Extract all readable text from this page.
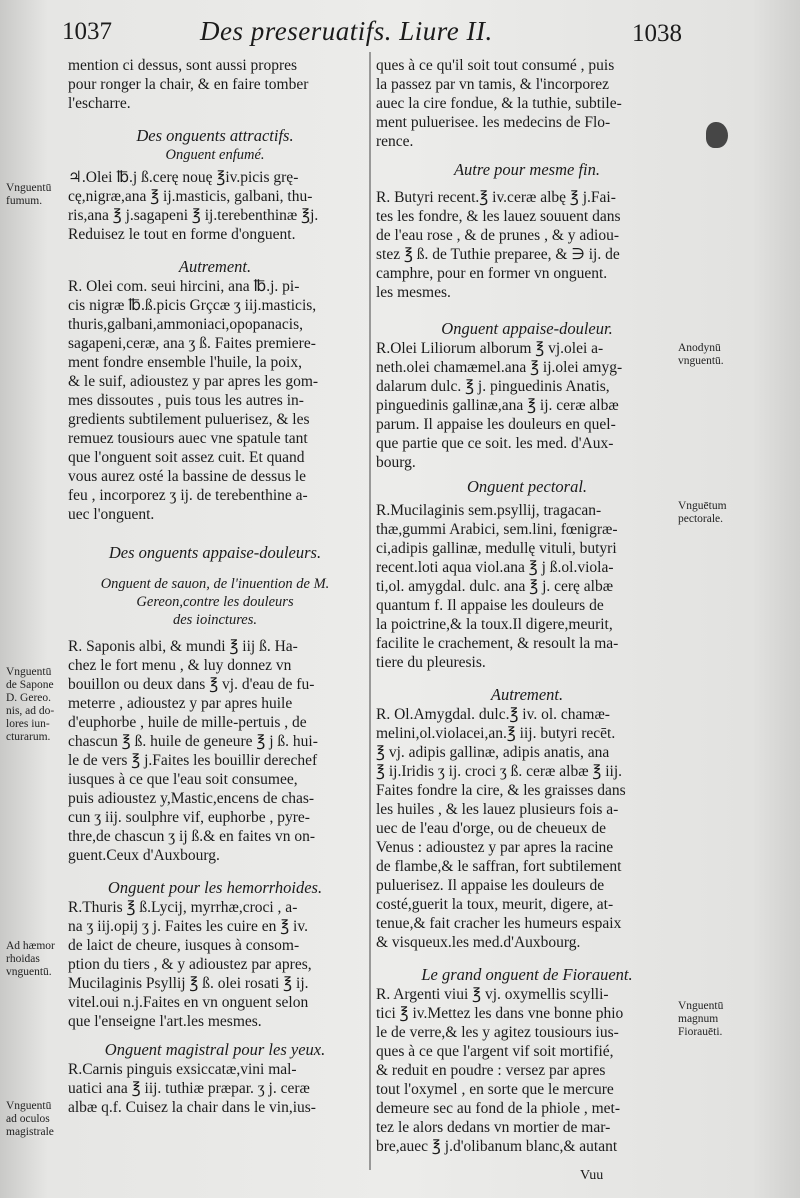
1037	Des preseruatifs. Liure II.	1038
mention ci dessus, sont aussi propres
pour ronger la chair, & en faire tomber
l'escharre.
Des onguents attractifs.
Onguent enfumé.
♃.Olei ℔.j ß.cerę nouę ℥iv.picis grę-
cę,nigræ,ana ℥ ij.masticis, galbani, thu-
ris,ana ℥ j.sagapeni ℥ ij.terebenthinæ ℥j.
Reduisez le tout en forme d'onguent.
Autrement.
R. Olei com. seui hircini, ana ℔.j. pi-
cis nigræ ℔.ß.picis Grçcæ ʒ iij.masticis,
thuris,galbani,ammoniaci,opopanacis,
sagapeni,ceræ, ana ʒ ß. Faites premiere-
ment fondre ensemble l'huile, la poix,
& le suif, adioustez y par apres les gom-
mes dissoutes , puis tous les autres in-
gredients subtilement puluerisez, & les
remuez tousiours auec vne spatule tant
que l'onguent soit assez cuit. Et quand
vous aurez osté la bassine de dessus le
feu , incorporez ʒ ij. de terebenthine a-
uec l'onguent.
Des onguents appaise-douleurs.
Onguent de sauon, de l'inuention de M.
Gereon,contre les douleurs
des ioinctures.
R. Saponis albi, & mundi ℥ iij ß. Ha-
chez le fort menu , & luy donnez vn
bouillon ou deux dans ℥ vj. d'eau de fu-
meterre , adioustez y par apres huile
d'euphorbe , huile de mille-pertuis , de
chascun ℥ ß. huile de geneure ℥ j ß. hui-
le de vers ℥ j.Faites les bouillir derechef
iusques à ce que l'eau soit consumee,
puis adioustez y,Mastic,encens de chas-
cun ʒ iij. soulphre vif, euphorbe , pyre-
thre,de chascun ʒ ij ß.& en faites vn on-
guent.Ceux d'Auxbourg.
Onguent pour les hemorrhoides.
R.Thuris ℥ ß.Lycij, myrrhæ,croci , a-
na ʒ iij.opij ʒ j. Faites les cuire en ℥ iv.
de laict de cheure, iusques à consom-
ption du tiers , & y adioustez par apres,
Mucilaginis Psyllij ℥ ß. olei rosati ℥ ij.
vitel.oui n.j.Faites en vn onguent selon
que l'enseigne l'art.les mesmes.
Onguent magistral pour les yeux.
R.Carnis pinguis exsiccatæ,vini mal-
uatici ana ℥ iij. tuthiæ præpar. ʒ j. ceræ
albæ q.f. Cuisez la chair dans le vin,ius-
ques à ce qu'il soit tout consumé , puis
la passez par vn tamis, & l'incorporez
auec la cire fondue, & la tuthie, subtile-
ment puluerisee. les medecins de Flo-
rence.
Autre pour mesme fin.
R. Butyri recent.℥ iv.ceræ albę ℥ j.Fai-
tes les fondre, & les lauez souuent dans
de l'eau rose , & de prunes , & y adiou-
stez ℥ ß. de Tuthie preparee, & ∋ ij. de
camphre, pour en former vn onguent.
les mesmes.
Onguent appaise-douleur.
R.Olei Liliorum alborum ℥ vj.olei a-
neth.olei chamæmel.ana ℥ ij.olei amyg-
dalarum dulc. ℥ j. pinguedinis Anatis,
pinguedinis gallinæ,ana ℥ ij. ceræ albæ
parum. Il appaise les douleurs en quel-
que partie que ce soit. les med. d'Aux-
bourg.
Onguent pectoral.
R.Mucilaginis sem.psyllij, tragacan-
thæ,gummi Arabici, sem.lini, fœnigræ-
ci,adipis gallinæ, medullę vituli, butyri
recent.loti aqua viol.ana ℥ j ß.ol.viola-
ti,ol. amygdal. dulc. ana ℥ j. cerę albæ
quantum f. Il appaise les douleurs de
la poictrine,& la toux.Il digere,meurit,
facilite le crachement, & resoult la ma-
tiere du pleuresis.
Autrement.
R. Ol.Amygdal. dulc.℥ iv. ol. chamæ-
melini,ol.violacei,an.℥ iij. butyri recēt.
℥ vj. adipis gallinæ, adipis anatis, ana
℥ ij.Iridis ʒ ij. croci ʒ ß. ceræ albæ ℥ iij.
Faites fondre la cire, & les graisses dans
les huiles , & les lauez plusieurs fois a-
uec de l'eau d'orge, ou de cheueux de
Venus : adioustez y par apres la racine
de flambe,& le saffran, fort subtilement
puluerisez. Il appaise les douleurs de
costé,guerit la toux, meurit, digere, at-
tenue,& fait cracher les humeurs espaix
& visqueux.les med.d'Auxbourg.
Le grand onguent de Fiorauent.
R. Argenti viui ℥ vj. oxymellis scylli-
tici ℥ iv.Mettez les dans vne bonne phio
le de verre,& les y agitez tousiours ius-
ques à ce que l'argent vif soit mortifié,
& reduit en poudre : versez par apres
tout l'oxymel , en sorte que le mercure
demeure sec au fond de la phiole , met-
tez le alors dedans vn mortier de mar-
bre,auec ℥ j.d'olibanum blanc,& autant
Vnguentū
fumum.
Vnguentū
de Sapone
D. Gereo.
nis, ad do-
lores iun-
cturarum.
Ad hæmor
rhoidas
vnguentū.
Vnguentū
ad oculos
magistrale
Anodynū
vnguentū.
Vnguētum
pectorale.
Vnguentū
magnum
Fiorauēti.
Vuu
